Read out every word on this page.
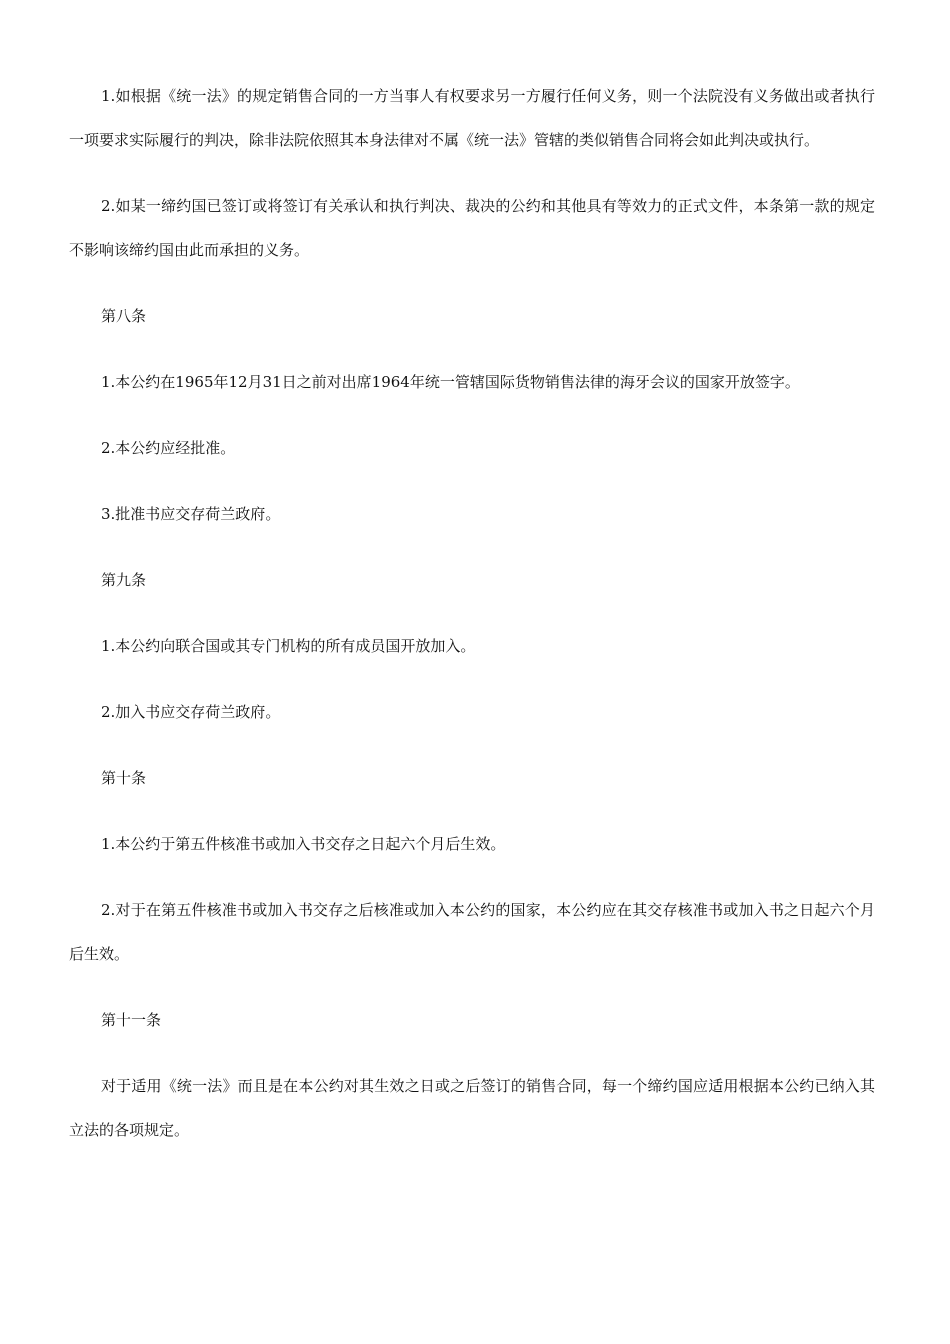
1.如根据《统一法》的规定销售合同的一方当事人有权要求另一方履行任何义务，则一个法院没有义务做出或者执行一项要求实际履行的判决，除非法院依照其本身法律对不属《统一法》管辖的类似销售合同将会如此判决或执行。

2.如某一缔约国已签订或将签订有关承认和执行判决、裁决的公约和其他具有等效力的正式文件，本条第一款的规定不影响该缔约国由此而承担的义务。

第八条

1.本公约在1965年12月31日之前对出席1964年统一管辖国际货物销售法律的海牙会议的国家开放签字。

2.本公约应经批准。

3.批准书应交存荷兰政府。

第九条

1.本公约向联合国或其专门机构的所有成员国开放加入。

2.加入书应交存荷兰政府。

第十条

1.本公约于第五件核准书或加入书交存之日起六个月后生效。

2.对于在第五件核准书或加入书交存之后核准或加入本公约的国家，本公约应在其交存核准书或加入书之日起六个月后生效。

第十一条

对于适用《统一法》而且是在本公约对其生效之日或之后签订的销售合同，每一个缔约国应适用根据本公约已纳入其立法的各项规定。
